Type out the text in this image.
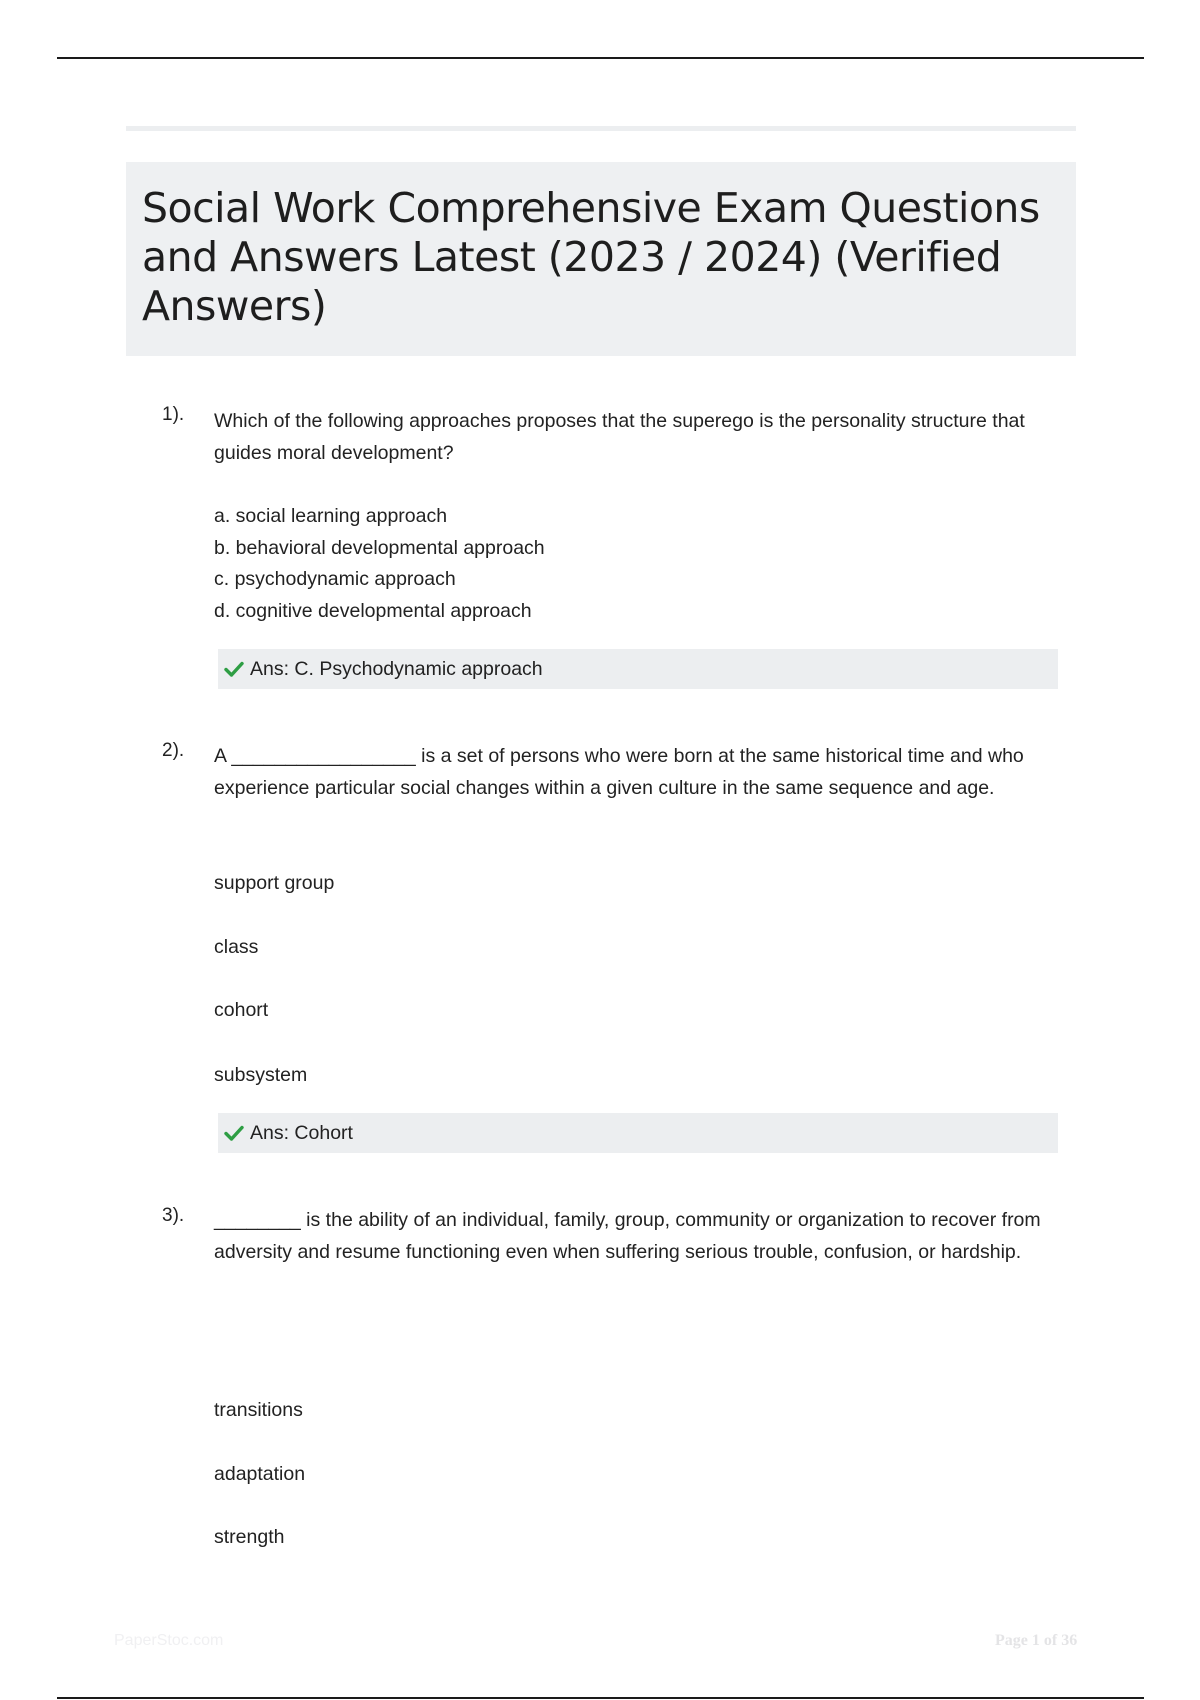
Social Work Comprehensive Exam Questions and Answers Latest (2023 / 2024) (Verified Answers)
1). Which of the following approaches proposes that the superego is the personality structure that guides moral development?
a. social learning approach
b. behavioral developmental approach
c. psychodynamic approach
d. cognitive developmental approach
Ans: C. Psychodynamic approach
2). A _________________ is a set of persons who were born at the same historical time and who experience particular social changes within a given culture in the same sequence and age.
support group
class
cohort
subsystem
Ans: Cohort
3). ________ is the ability of an individual, family, group, community or organization to recover from adversity and resume functioning even when suffering serious trouble, confusion, or hardship.
transitions
adaptation
strength
PaperStoc.com	Page 1 of 36
